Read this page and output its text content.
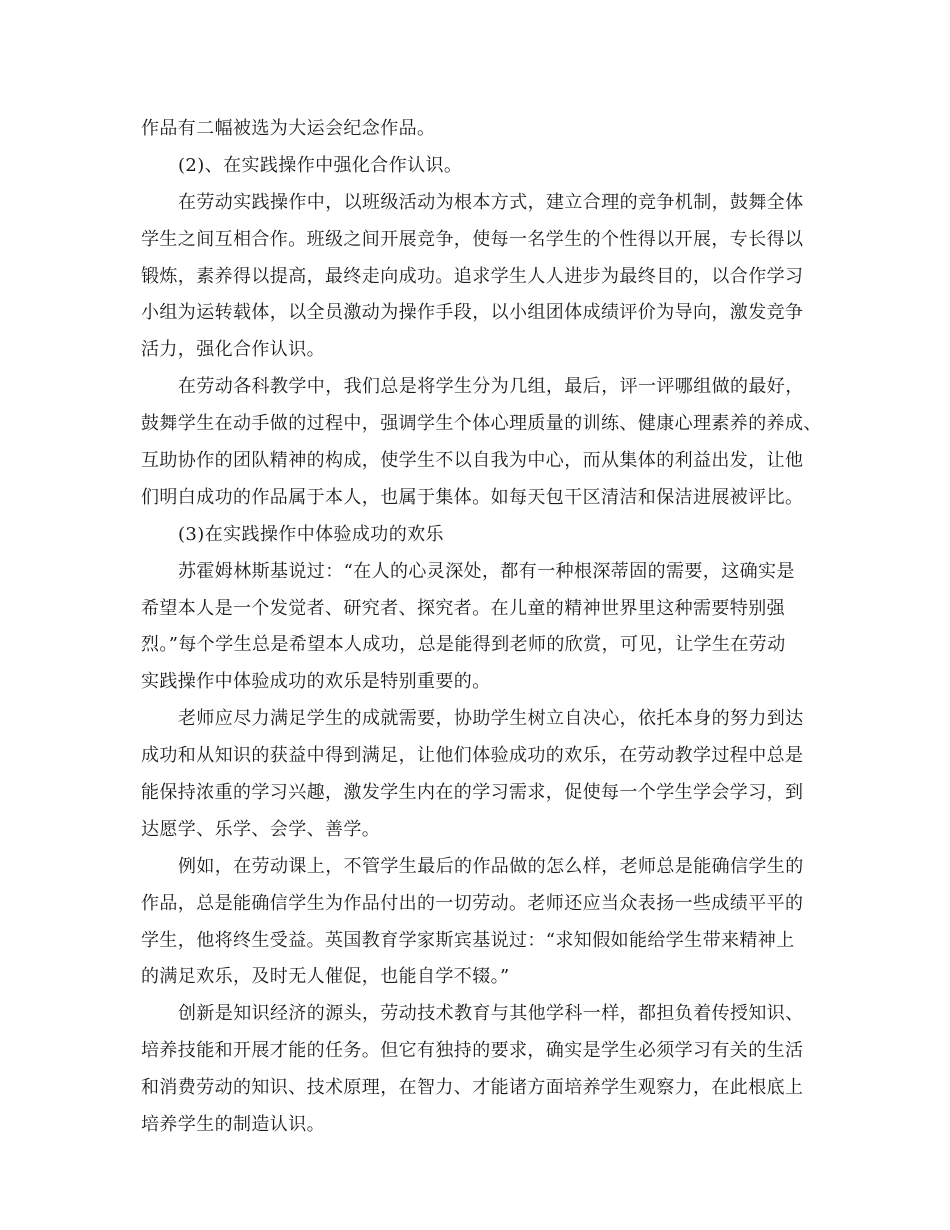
作品有二幅被选为大运会纪念作品。
(2)、在实践操作中强化合作认识。
在劳动实践操作中，以班级活动为根本方式，建立合理的竞争机制，鼓舞全体
学生之间互相合作。班级之间开展竞争，使每一名学生的个性得以开展，专长得以
锻炼，素养得以提高，最终走向成功。追求学生人人进步为最终目的，以合作学习
小组为运转载体，以全员激动为操作手段，以小组团体成绩评价为导向，激发竞争
活力，强化合作认识。
在劳动各科教学中，我们总是将学生分为几组，最后，评一评哪组做的最好，
鼓舞学生在动手做的过程中，强调学生个体心理质量的训练、健康心理素养的养成、
互助协作的团队精神的构成，使学生不以自我为中心，而从集体的利益出发，让他
们明白成功的作品属于本人，也属于集体。如每天包干区清洁和保洁进展被评比。
(3)在实践操作中体验成功的欢乐
苏霍姆林斯基说过：“在人的心灵深处，都有一种根深蒂固的需要，这确实是
希望本人是一个发觉者、研究者、探究者。在儿童的精神世界里这种需要特别强
烈。”每个学生总是希望本人成功，总是能得到老师的欣赏，可见，让学生在劳动
实践操作中体验成功的欢乐是特别重要的。
老师应尽力满足学生的成就需要，协助学生树立自决心，依托本身的努力到达
成功和从知识的获益中得到满足，让他们体验成功的欢乐，在劳动教学过程中总是
能保持浓重的学习兴趣，激发学生内在的学习需求，促使每一个学生学会学习，到
达愿学、乐学、会学、善学。
例如，在劳动课上，不管学生最后的作品做的怎么样，老师总是能确信学生的
作品，总是能确信学生为作品付出的一切劳动。老师还应当众表扬一些成绩平平的
学生，他将终生受益。英国教育学家斯宾基说过：“求知假如能给学生带来精神上
的满足欢乐，及时无人催促，也能自学不辍。”
创新是知识经济的源头，劳动技术教育与其他学科一样，都担负着传授知识、
培养技能和开展才能的任务。但它有独持的要求，确实是学生必须学习有关的生活
和消费劳动的知识、技术原理，在智力、才能诸方面培养学生观察力，在此根底上
培养学生的制造认识。
